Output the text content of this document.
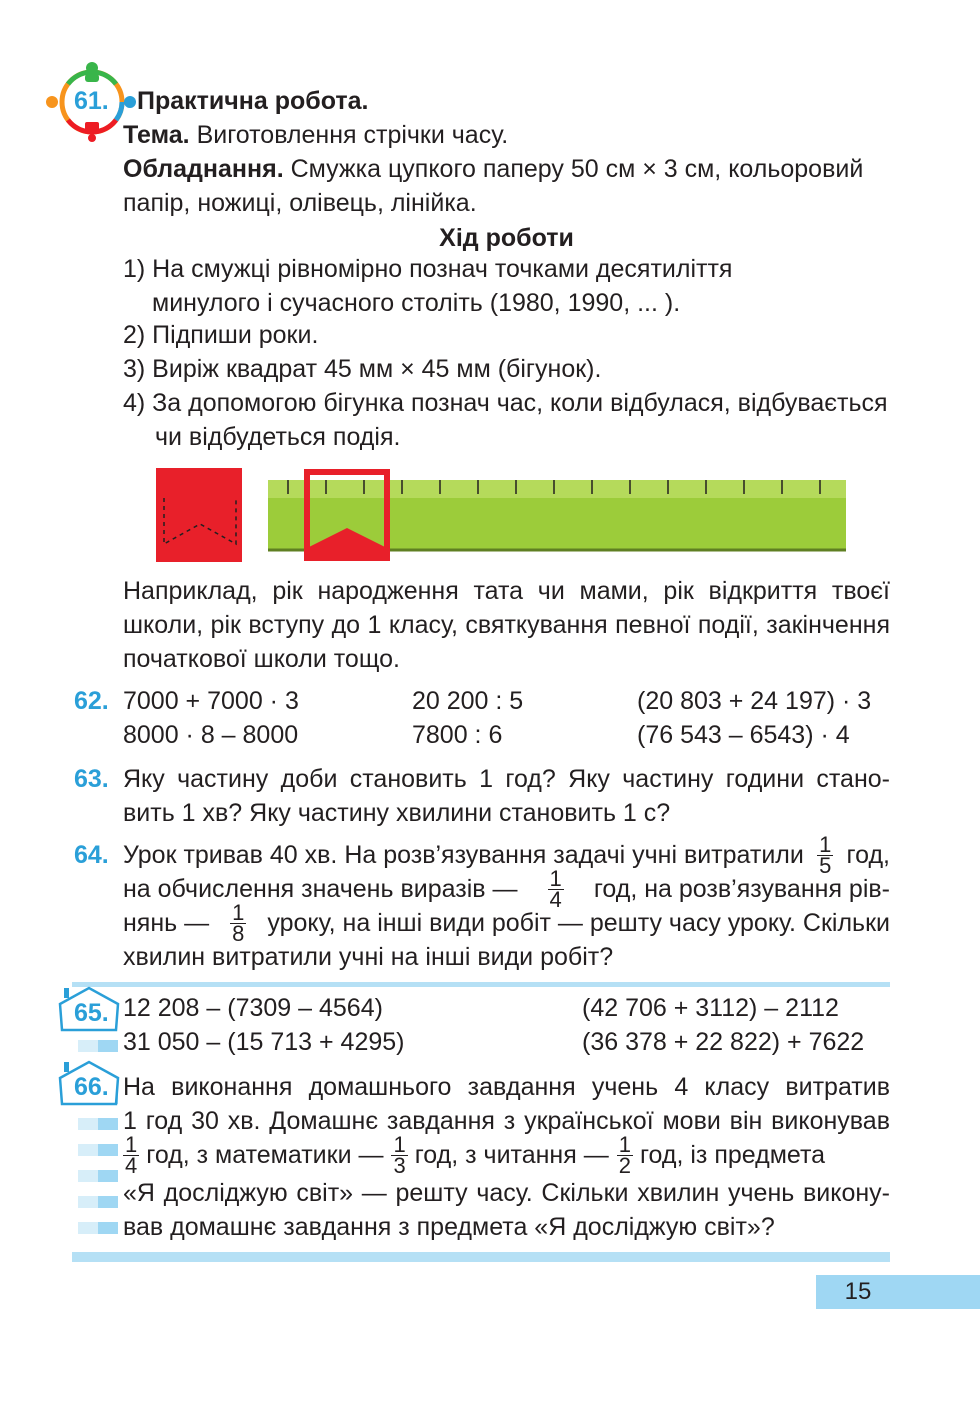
61. Практична робота.
Тема. Виготовлення стрічки часу.
Обладнання. Смужка цупкого паперу 50 см × 3 см, кольоровий
папір, ножиці, олівець, лінійка.
Хід роботи
1) На смужці рівномірно познач точками десятиліття
минулого і сучасного століть (1980, 1990, ... ).
2) Підпиши роки.
3) Виріж квадрат 45 мм × 45 мм (бігунок).
4) За допомогою бігунка познач час, коли відбулася, відбувається
чи відбудеться подія.
Наприклад, рік народження тата чи мами, рік відкриття твоєї
школи, рік вступу до 1 класу, святкування певної події, закінчення
початкової школи тощо.
62. 7000 + 7000 · 3	20 200 : 5	(20 803 + 24 197) · 3
8000 · 8 – 8000	7800 : 6	(76 543 – 6543) · 4
63. Яку частину доби становить 1 год? Яку частину години стано-
вить 1 хв? Яку частину хвилини становить 1 с?
64. Урок тривав 40 хв. На розв’язування задачі учні витратили $\frac{1}{5}$ год,
на обчислення значень виразів — $\frac{1}{4}$ год, на розв’язування рів-
нянь — $\frac{1}{8}$ уроку, на інші види робіт — решту часу уроку. Скільки
хвилин витратили учні на інші види робіт?
65. 12 208 – (7309 – 4564)	(42 706 + 3112) – 2112
31 050 – (15 713 + 4295)	(36 378 + 22 822) + 7622
66. На виконання домашнього завдання учень 4 класу витратив
1 год 30 хв. Домашнє завдання з української мови він виконував
$\frac{1}{4}$ год, з математики — $\frac{1}{3}$ год, з читання — $\frac{1}{2}$ год, із предмета
«Я досліджую світ» — решту часу. Скільки хвилин учень викону-
вав домашнє завдання з предмета «Я досліджую світ»?
15
